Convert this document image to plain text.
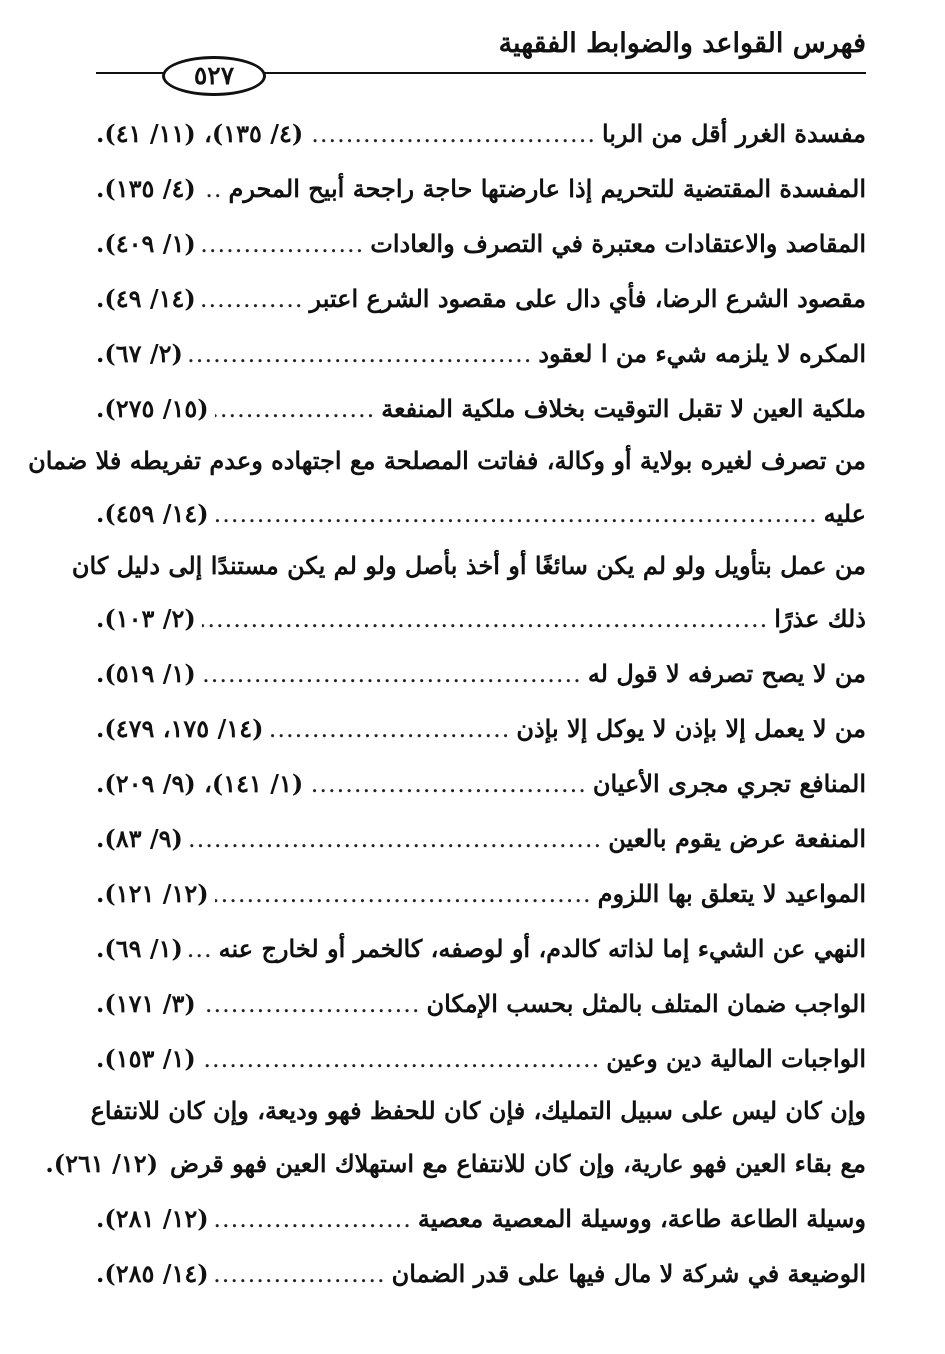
فهرس القواعد والضوابط الفقهية
٥٢٧
مفسدة الغرر أقل من الربا
.....
(٤/ ١٣٥)، (١١/ ٤١).
المفسدة المقتضية للتحريم إذا عارضتها حاجة راجحة أبيح المحرم
.....
(٤/ ١٣٥).
المقاصد والاعتقادات معتبرة في التصرف والعادات
.....
(١/ ٤٠٩).
مقصود الشرع الرضا، فأي دال على مقصود الشرع اعتبر
.....
(١٤/ ٤٩).
المكره لا يلزمه شيء من ا لعقود
.....
(٢/ ٦٧).
ملكية العين لا تقبل التوقيت بخلاف ملكية المنفعة
.....
(١٥/ ٢٧٥).
من تصرف لغيره بولاية أو وكالة، ففاتت المصلحة مع اجتهاده وعدم تفريطه فلا ضمان
عليه
.....
(١٤/ ٤٥٩).
من عمل بتأويل ولو لم يكن سائغًا أو أخذ بأصل ولو لم يكن مستندًا إلى دليل كان
ذلك عذرًا
.....
(٢/ ١٠٣).
من لا يصح تصرفه لا قول له
.....
(١/ ٥١٩).
من لا يعمل إلا بإذن لا يوكل إلا بإذن
.....
(١٤/ ١٧٥، ٤٧٩).
المنافع تجري مجرى الأعيان
.....
(١/ ١٤١)، (٩/ ٢٠٩).
المنفعة عرض يقوم بالعين
.....
(٩/ ٨٣).
المواعيد لا يتعلق بها اللزوم
.....
(١٢/ ١٢١).
النهي عن الشيء إما لذاته كالدم، أو لوصفه، كالخمر أو لخارج عنه
.....
(١/ ٦٩).
الواجب ضمان المتلف بالمثل بحسب الإمكان
.....
(٣/ ١٧١).
الواجبات المالية دين وعين
.....
(١/ ١٥٣).
وإن كان ليس على سبيل التمليك، فإن كان للحفظ فهو وديعة، وإن كان للانتفاع
مع بقاء العين فهو عارية، وإن كان للانتفاع مع استهلاك العين فهو قرض
(١٢/ ٢٦١).
وسيلة الطاعة طاعة، ووسيلة المعصية معصية
.....
(١٢/ ٢٨١).
الوضيعة في شركة لا مال فيها على قدر الضمان
.....
(١٤/ ٢٨٥).
